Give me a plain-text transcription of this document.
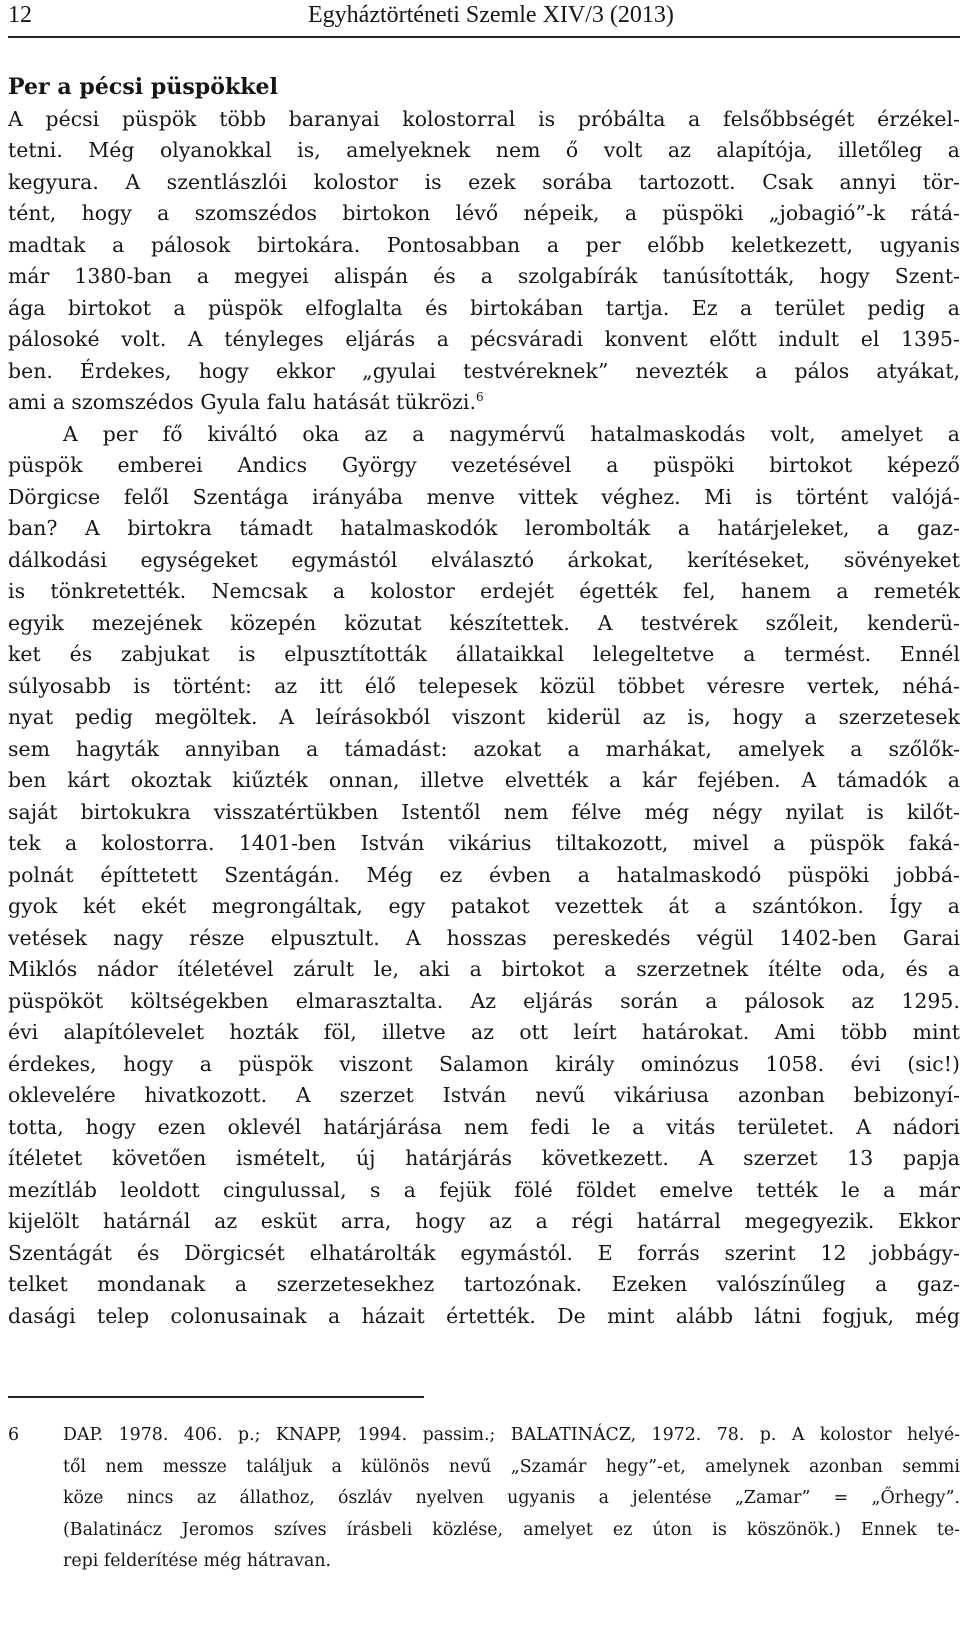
12	Egyháztörténeti Szemle XIV/3 (2013)
Per a pécsi püspökkel
A pécsi püspök több baranyai kolostorral is próbálta a felsőbbségét érzékel-
tetni. Még olyanokkal is, amelyeknek nem ő volt az alapítója, illetőleg a
kegyura. A szentlászlói kolostor is ezek sorába tartozott. Csak annyi tör-
tént, hogy a szomszédos birtokon lévő népeik, a püspöki „jobagió”-k rátá-
madtak a pálosok birtokára. Pontosabban a per előbb keletkezett, ugyanis
már 1380-ban a megyei alispán és a szolgabírák tanúsították, hogy Szent-
ága birtokot a püspök elfoglalta és birtokában tartja. Ez a terület pedig a
pálosoké volt. A tényleges eljárás a pécsváradi konvent előtt indult el 1395-
ben. Érdekes, hogy ekkor „gyulai testvéreknek” nevezték a pálos atyákat,
ami a szomszédos Gyula falu hatását tükrözi.$^6$
A per fő kiváltó oka az a nagymérvű hatalmaskodás volt, amelyet a
püspök emberei Andics György vezetésével a püspöki birtokot képező
Dörgicse felől Szentága irányába menve vittek véghez. Mi is történt valójá-
ban? A birtokra támadt hatalmaskodók lerombolták a határjeleket, a gaz-
dálkodási egységeket egymástól elválasztó árkokat, kerítéseket, sövényeket
is tönkretették. Nemcsak a kolostor erdejét égették fel, hanem a remeték
egyik mezejének közepén közutat készítettek. A testvérek szőleit, kenderü-
ket és zabjukat is elpusztították állataikkal lelegeltetve a termést. Ennél
súlyosabb is történt: az itt élő telepesek közül többet véresre vertek, néhá-
nyat pedig megöltek. A leírásokból viszont kiderül az is, hogy a szerzetesek
sem hagyták annyiban a támadást: azokat a marhákat, amelyek a szőlők-
ben kárt okoztak kiűzték onnan, illetve elvették a kár fejében. A támadók a
saját birtokukra visszatértükben Istentől nem félve még négy nyilat is kilőt-
tek a kolostorra. 1401-ben István vikárius tiltakozott, mivel a püspök faká-
polnát építtetett Szentágán. Még ez évben a hatalmaskodó püspöki jobbá-
gyok két ekét megrongáltak, egy patakot vezettek át a szántókon. Így a
vetések nagy része elpusztult. A hosszas pereskedés végül 1402-ben Garai
Miklós nádor ítéletével zárult le, aki a birtokot a szerzetnek ítélte oda, és a
püspököt költségekben elmarasztalta. Az eljárás során a pálosok az 1295.
évi alapítólevelet hozták föl, illetve az ott leírt határokat. Ami több mint
érdekes, hogy a püspök viszont Salamon király ominózus 1058. évi (sic!)
oklevelére hivatkozott. A szerzet István nevű vikáriusa azonban bebizonyí-
totta, hogy ezen oklevél határjárása nem fedi le a vitás területet. A nádori
ítéletet követően ismételt, új határjárás következett. A szerzet 13 papja
mezítláb leoldott cingulussal, s a fejük fölé földet emelve tették le a már
kijelölt határnál az esküt arra, hogy az a régi határral megegyezik. Ekkor
Szentágát és Dörgicsét elhatárolták egymástól. E forrás szerint 12 jobbágy-
telket mondanak a szerzetesekhez tartozónak. Ezeken valószínűleg a gaz-
dasági telep colonusainak a házait értették. De mint alább látni fogjuk, még
6	DAP. 1978. 406. p.; KNAPP, 1994. passim.; BALATINÁCZ, 1972. 78. p. A kolostor helyé-
től nem messze találjuk a különös nevű „Szamár hegy”-et, amelynek azonban semmi
köze nincs az állathoz, ószláv nyelven ugyanis a jelentése „Zamar” = „Őrhegy”.
(Balatinácz Jeromos szíves írásbeli közlése, amelyet ez úton is köszönök.) Ennek te-
repi felderítése még hátravan.
